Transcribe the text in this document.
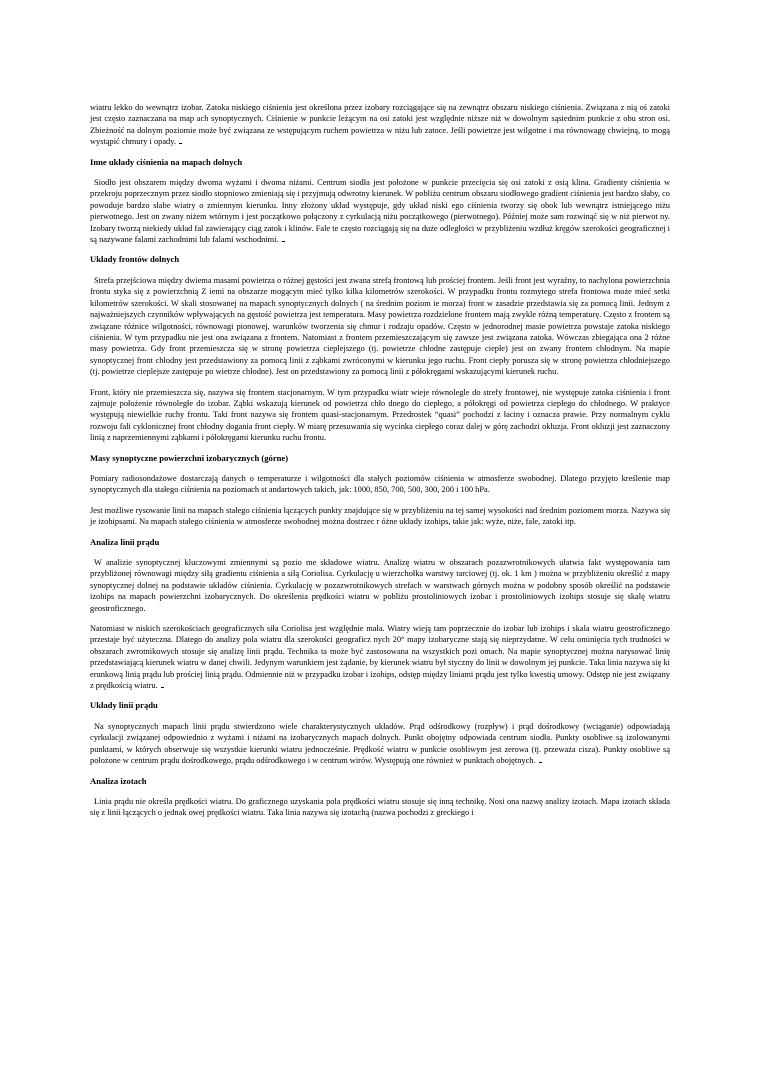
wiatru lekko do wewnątrz izobar. Zatoka niskiego ciśnienia jest określona przez izobary rozciągające się na zewnątrz obszaru niskiego ciśnienia. Związana z nią oś zatoki jest często zaznaczana na map ach synoptycznych. Ciśnienie w punkcie leżącym na osi zatoki jest względnie niższe niż w dowolnym sąsiednim punkcie z obu stron osi. Zbieżność na dolnym poziomie może być związana ze wstępującym ruchem powietrza w niżu lub zatoce. Jeśli powietrze jest wilgotne i ma równowagę chwiejną, to mogą wystąpić chmury i opady.

Inne układy ciśnienia na mapach dolnych

Siodło jest obszarem między dwoma wyżami i dwoma niżami. Centrum siodła jest położone w punkcie przecięcia się osi zatoki z osią klina. Gradienty ciśnienia w przekroju poprzecznym przez siodło stopniowo zmieniają się i przyjmują odwrotny kierunek. W pobliżu centrum obszaru siodłowego gradient ciśnienia jest bardzo słaby, co powoduje bardzo słabe wiatry o zmiennym kierunku. Inny złożony układ występuje, gdy układ niski ego ciśnienia tworzy się obok lub wewnątrz istniejącego niżu pierwotnego. Jest on zwany niżem wtórnym i jest początkowo połączony z cyrkulacją niżu początkowego (pierwotnego). Później może sam rozwinąć się w niż pierwot ny. Izobary tworzą niekiedy układ fal zawierający ciąg zatok i klinów. Fale te często rozciągają się na duże odległości w przybliżeniu wzdłuż kręgów szerokości geograficznej i są nazywane falami zachodnimi lub falami wschodnimi.

Układy frontów dolnych

Strefa przejściowa między dwiema masami powietrza o różnej gęstości jest zwana strefą frontową lub prościej frontem. Jeśli front jest wyraźny, to nachylona powierzchnia frontu styka się z powierzchnią Z iemi na obszarze mogącym mieć tylko kilka kilometrów szerokości. W przypadku frontu rozmytego strefa frontowa może mieć setki kilometrów szerokości. W skali stosowanej na mapach synoptycznych dolnych ( na średnim poziom ie morza) front w zasadzie przedstawia się za pomocą linii. Jednym z najważniejszych czynników wpływających na gęstość powietrza jest temperatura. Masy powietrza rozdzielone frontem mają zwykle różną temperaturę. Często z frontem są związane różnice wilgotności, równowagi pionowej, warunków tworzenia się chmur i rodzaju opadów. Często w jednorodnej masie powietrza powstaje zatoka niskiego ciśnienia. W tym przypadku nie jest ona związana z frontem. Natomiast z frontem przemieszczającym się zawsze jest związana zatoka. Wówczas zbiegająca ona 2 różne masy powietrza. Gdy front przemieszcza się w stronę powietrza cieplejszego (tj. powietrze chłodne zastępuje ciepłe) jest on zwany frontem chłodnym. Na mapie synoptycznej front chłodny jest przedstawiony za pomocą linii z ząbkami zwróconymi w kierunku jego ruchu. Front ciepły porusza się w stronę powietrza chłodniejszego (tj. powietrze cieplejsze zastępuje po wietrze chłodne). Jest on przedstawiony za pomocą linii z półokręgami wskazującymi kierunek ruchu.

Front, który nie przemieszcza się, nazywa się frontem stacjonarnym. W tym przypadku wiatr wieje równolegle do strefy frontowej, nie występuje zatoka ciśnienia i front zajmuje położenie równoległe do izobar. Ząbki wskazują kierunek od powietrza chło dnego do ciepłego, a półokręgi od powietrza ciepłego do chłodnego. W praktyce występują niewielkie ruchy frontu. Taki front nazywa się frontem quasi-stacjonarnym. Przedrostek “quasi” pochodzi z łaciny i oznacza prawie. Przy normalnym cyklu rozwoju fali cyklonicznej front chłodny dogania front ciepły. W miarę przesuwania się wycinka ciepłego coraz dalej w górę zachodzi okluzja. Front okluzji jest zaznaczony linią z naprzemiennymi ząbkami i półokręgami kierunku ruchu frontu.

Masy synoptyczne powierzchni izobarycznych (górne)

Pomiary radiosondażowe dostarczają danych o temperaturze i wilgotności dla stałych poziomów ciśnienia w atmosferze swobodnej. Dlatego przyjęto kreślenie map synoptycznych dla stałego ciśnienia na poziomach st andartowych takich, jak: 1000, 850, 700, 500, 300, 200 i 100 hPa.

Jest możliwe rysowanie linii na mapach stałego ciśnienia łączących punkty znajdujące się w przybliżeniu na tej samej wysokości nad średnim poziomem morza. Nazywa się je izohipsami. Na mapach stałego ciśnienia w atmosferze swobodnej można dostrzec r óżne układy izohips, takie jak: wyże, niże, fale, zatoki itp.

Analiza linii prądu

W analizie synoptycznej kluczowymi zmiennymi są pozio me składowe wiatru. Analizę wiatru w obszarach pozazwrotnikowych ułatwia fakt występowania tam przybliżonej równowagi między siłą gradientu ciśnienia a siłą Coriolisa. Cyrkulację u wierzchołka warstwy tarciowej (tj. ok. 1 km ) można w przybliżeniu określić z mapy synoptycznej dolnej na podstawie układów ciśnienia. Cyrkulację w pozazwrotnikowych strefach w warstwach górnych można w podobny sposób określić na podstawie izohips na mapach powierzchni izobarycznych. Do określenia prędkości wiatru w pobliżu prostoliniowych izobar i prostoliniowych izohips stosuje się skalę wiatru geostroficznego.

Natomiast w niskich szerokościach geograficznych siła Coriolisa jest względnie mała. Wiatry wieją tam poprzecznie do izobar lub izohips i skala wiatru geostroficznego przestaje być użyteczna. Dlatego do analizy pola wiatru dla szerokości geograficz nych 20° mapy izobaryczne stają się nieprzydatne. W celu ominięcia tych trudności w obszarach zwrotnikowych stosuje się analizę linii prądu. Technika ta może być zastosowana na wszystkich pozi omach. Na mapie synoptycznej można narysować linię przedstawiającą kierunek wiatru w danej chwili. Jedynym warunkiem jest żądanie, by kierunek wiatru był styczny do linii w dowolnym jej punkcie. Taka linia nazywa się ki erunkową linią prądu lub prościej linią prądu. Odmiennie niż w przypadku izobar i izohips, odstęp między liniami prądu jest tylko kwestią umowy. Odstęp nie jest związany z prędkością wiatru.

Układy linii prądu

Na synoptycznych mapach linii prądu stwierdzono wiele charakterystycznych układów. Prąd odśrodkowy (rozpływ) i prąd dośrodkowy (wciąganie) odpowiadają cyrkulacji związanej odpowiednio z wyżami i niżami na izobarycznych mapach dolnych. Punkt obojętny odpowiada centrum siodła. Punkty osobliwe są izolowanymi punktami, w których obserwuje się wszystkie kierunki wiatru jednocześnie. Prędkość wiatru w punkcie osobliwym jest zerowa (tj. przeważa cisza). Punkty osobliwe są położone w centrum prądu dośrodkowego, prądu odśrodkowego i w centrum wirów. Występują one również w punktach obojętnych.

Analiza izotach

Linia prądu nie określa prędkości wiatru. Do graficznego uzyskania pola prędkości wiatru stosuje się inną technikę. Nosi ona nazwę analizy izotach. Mapa izotach składa się z linii łączących o jednak owej prędkości wiatru. Taka linia nazywa się izotachą (nazwa pochodzi z greckiego i
